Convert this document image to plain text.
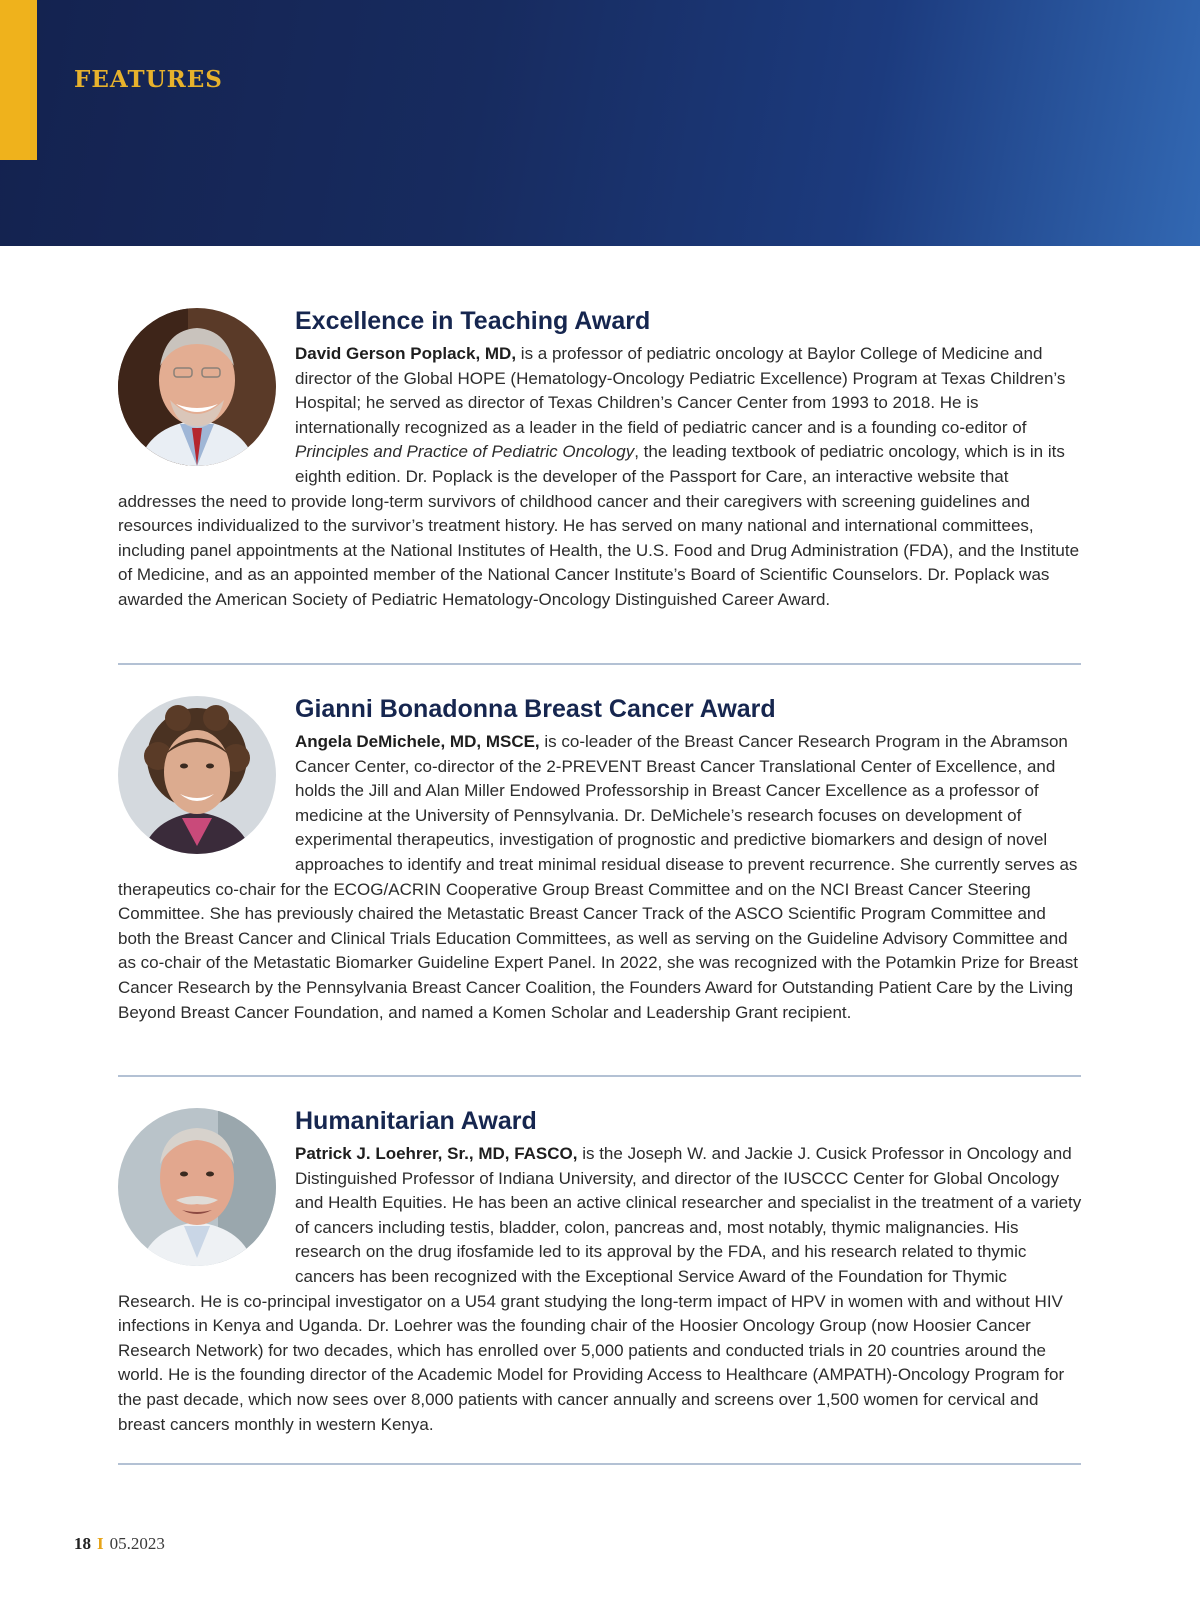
FEATURES
Excellence in Teaching Award

David Gerson Poplack, MD, is a professor of pediatric oncology at Baylor College of Medicine and director of the Global HOPE (Hematology-Oncology Pediatric Excellence) Program at Texas Children’s Hospital; he served as director of Texas Children’s Cancer Center from 1993 to 2018. He is internationally recognized as a leader in the field of pediatric cancer and is a founding co-editor of Principles and Practice of Pediatric Oncology, the leading textbook of pediatric oncology, which is in its eighth edition. Dr. Poplack is the developer of the Passport for Care, an interactive website that addresses the need to provide long-term survivors of childhood cancer and their caregivers with screening guidelines and resources individualized to the survivor’s treatment history. He has served on many national and international committees, including panel appointments at the National Institutes of Health, the U.S. Food and Drug Administration (FDA), and the Institute of Medicine, and as an appointed member of the National Cancer Institute’s Board of Scientific Counselors. Dr. Poplack was awarded the American Society of Pediatric Hematology-Oncology Distinguished Career Award.

Gianni Bonadonna Breast Cancer Award

Angela DeMichele, MD, MSCE, is co-leader of the Breast Cancer Research Program in the Abramson Cancer Center, co-director of the 2-PREVENT Breast Cancer Translational Center of Excellence, and holds the Jill and Alan Miller Endowed Professorship in Breast Cancer Excellence as a professor of medicine at the University of Pennsylvania. Dr. DeMichele’s research focuses on development of experimental therapeutics, investigation of prognostic and predictive biomarkers and design of novel approaches to identify and treat minimal residual disease to prevent recurrence. She currently serves as therapeutics co-chair for the ECOG/ACRIN Cooperative Group Breast Committee and on the NCI Breast Cancer Steering Committee. She has previously chaired the Metastatic Breast Cancer Track of the ASCO Scientific Program Committee and both the Breast Cancer and Clinical Trials Education Committees, as well as serving on the Guideline Advisory Committee and as co-chair of the Metastatic Biomarker Guideline Expert Panel. In 2022, she was recognized with the Potamkin Prize for Breast Cancer Research by the Pennsylvania Breast Cancer Coalition, the Founders Award for Outstanding Patient Care by the Living Beyond Breast Cancer Foundation, and named a Komen Scholar and Leadership Grant recipient.

Humanitarian Award

Patrick J. Loehrer, Sr., MD, FASCO, is the Joseph W. and Jackie J. Cusick Professor in Oncology and Distinguished Professor of Indiana University, and director of the IUSCCC Center for Global Oncology and Health Equities. He has been an active clinical researcher and specialist in the treatment of a variety of cancers including testis, bladder, colon, pancreas and, most notably, thymic malignancies. His research on the drug ifosfamide led to its approval by the FDA, and his research related to thymic cancers has been recognized with the Exceptional Service Award of the Foundation for Thymic Research. He is co-principal investigator on a U54 grant studying the long-term impact of HPV in women with and without HIV infections in Kenya and Uganda. Dr. Loehrer was the founding chair of the Hoosier Oncology Group (now Hoosier Cancer Research Network) for two decades, which has enrolled over 5,000 patients and conducted trials in 20 countries around the world. He is the founding director of the Academic Model for Providing Access to Healthcare (AMPATH)-Oncology Program for the past decade, which now sees over 8,000 patients with cancer annually and screens over 1,500 women for cervical and breast cancers monthly in western Kenya.

18 I 05.2023
